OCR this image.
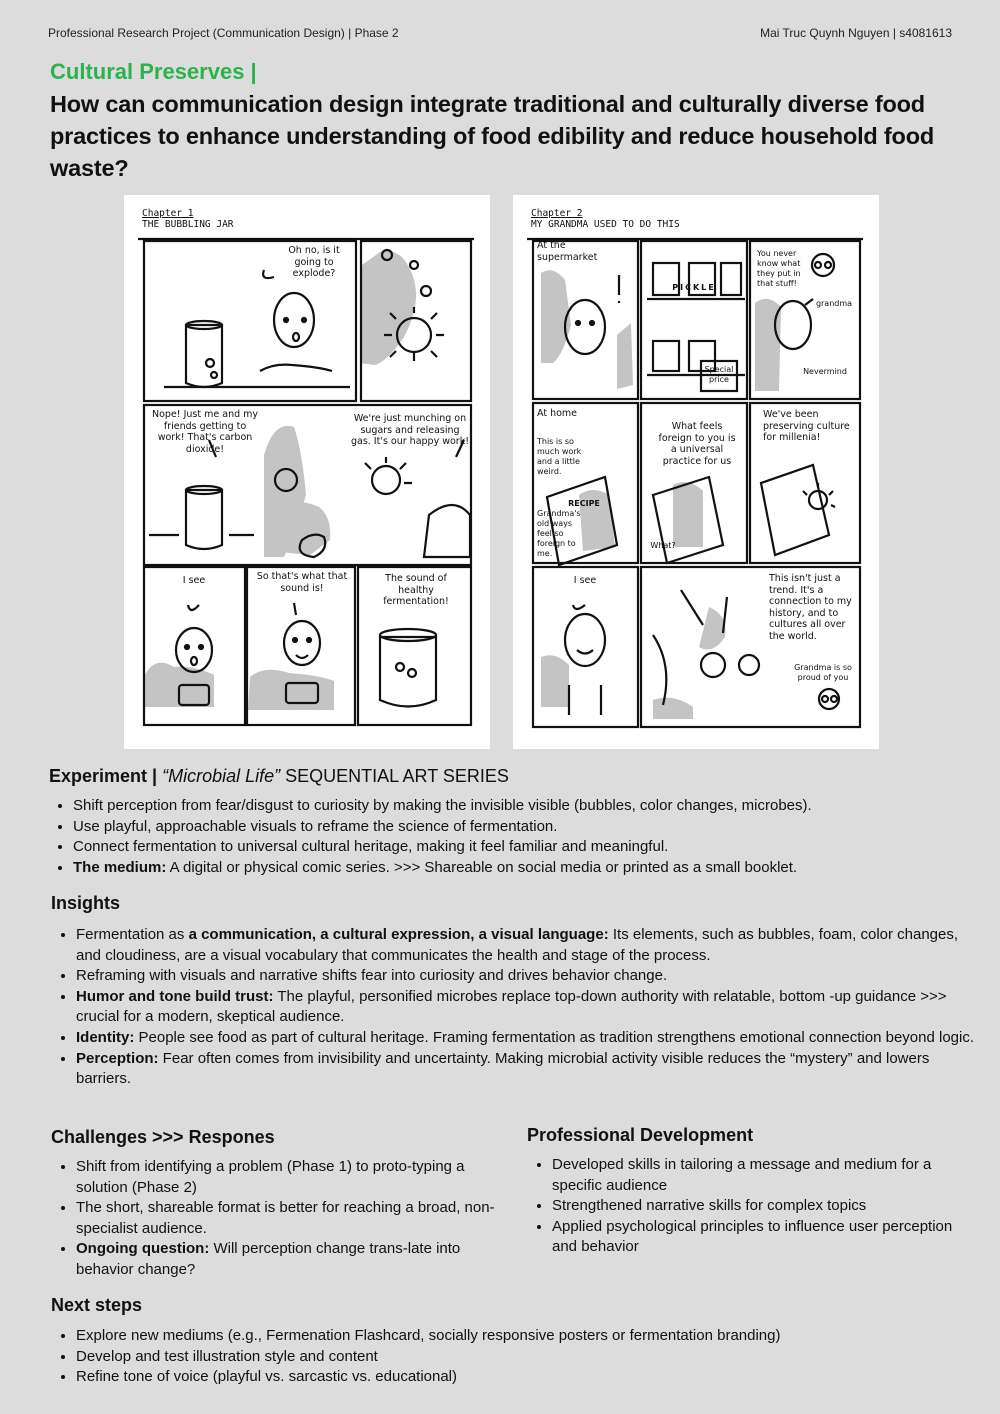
Professional Research Project (Communication Design) | Phase 2	Mai Truc Quynh Nguyen | s4081613
Cultural Preserves |
How can communication design integrate traditional and culturally diverse food practices to enhance understanding of food edibility and reduce household food waste?
Chapter 1
THE BUBBLING JAR
Oh no, is it going to explode?
Nope! Just me and my friends getting to work! That's carbon dioxide!
We're just munching on sugars and releasing gas. It's our happy work!
I see	So that's what that sound is!
The sound of healthy fermentation!
Chapter 2
MY GRANDMA USED TO DO THIS
At the supermarket
PICKLE
Special price
You never know what they put in that stuff!
grandma
Nevermind
At home
This is so much work and a little weird.
Grandma's old ways feel so foreign to me.
RECIPE
What feels foreign to you is a universal practice for us
What?
We've been preserving culture for millenia!
I see	This isn't just a trend. It's a connection to my history, and to cultures all over the world.
Grandma is so proud of you
Experiment | “Microbial Life” SEQUENTIAL ART SERIES
• Shift perception from fear/disgust to curiosity by making the invisible visible (bubbles, color changes, microbes).
• Use playful, approachable visuals to reframe the science of fermentation.
• Connect fermentation to universal cultural heritage, making it feel familiar and meaningful.
• The medium: A digital or physical comic series. >>> Shareable on social media or printed as a small booklet.
Insights
• Fermentation as a communication, a cultural expression, a visual language: Its elements, such as bubbles, foam, color changes, and cloudiness, are a visual vocabulary that communicates the health and stage of the process.
• Reframing with visuals and narrative shifts fear into curiosity and drives behavior change.
• Humor and tone build trust: The playful, personified microbes replace top-down authority with relatable, bottom -up guidance >>> crucial for a modern, skeptical audience.
• Identity: People see food as part of cultural heritage. Framing fermentation as tradition strengthens emotional connection beyond logic.
• Perception: Fear often comes from invisibility and uncertainty. Making microbial activity visible reduces the “mystery” and lowers barriers.
Challenges >>> Respones
• Shift from identifying a problem (Phase 1) to proto-typing a solution (Phase 2)
• The short, shareable format is better for reaching a broad, non-specialist audience.
• Ongoing question: Will perception change trans-late into behavior change?
Professional Development
• Developed skills in tailoring a message and medium for a specific audience
• Strengthened narrative skills for complex topics
• Applied psychological principles to influence user perception and behavior
Next steps
• Explore new mediums (e.g., Fermenation Flashcard, socially responsive posters or fermentation branding)
• Develop and test illustration style and content
• Refine tone of voice (playful vs. sarcastic vs. educational)
